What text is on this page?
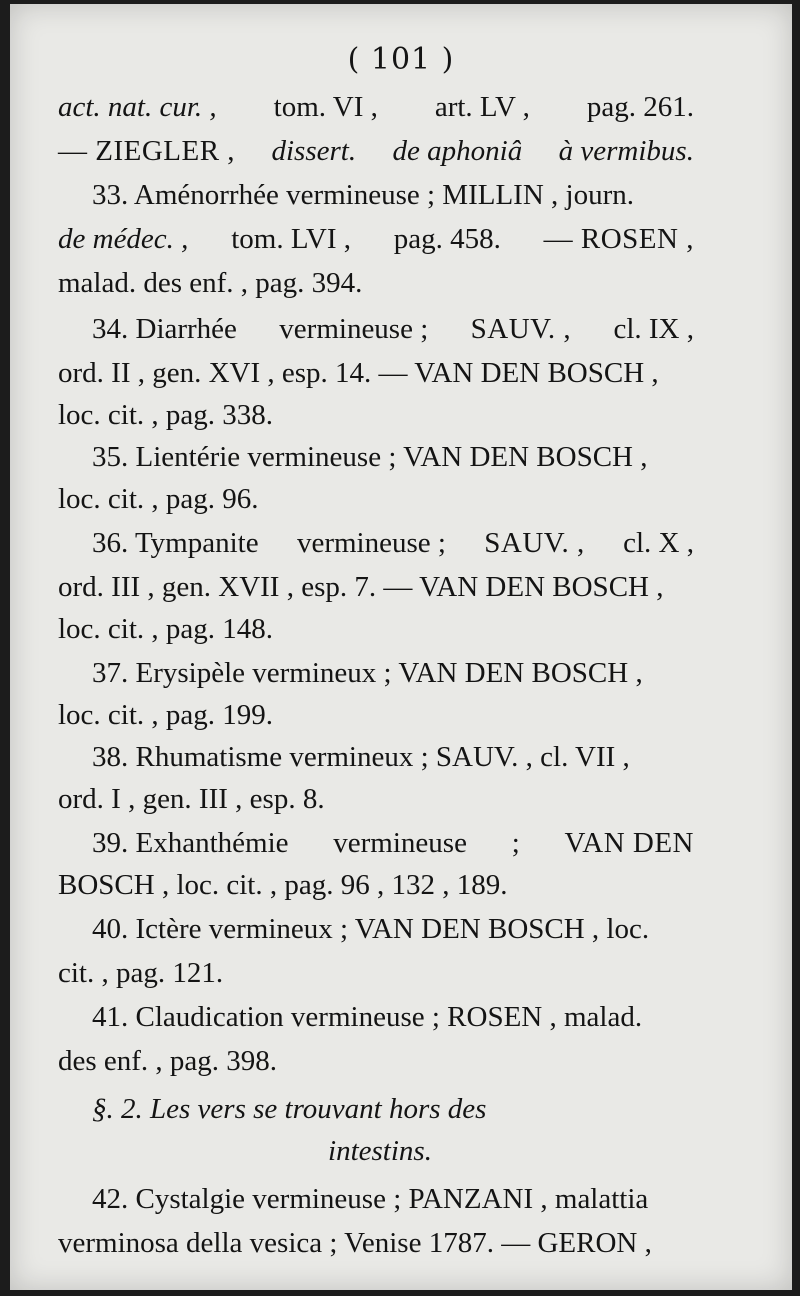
( 101 )
act. nat. cur. , tom. VI , art. LV , pag. 261.
— ZIEGLER , dissert. de aphoniâ à vermibus.
33. Aménorrhée vermineuse ; MILLIN , journ.
de médec. , tom. LVI , pag. 458. — ROSEN ,
malad. des enf. , pag. 394.
34. Diarrhée vermineuse ; SAUV. , cl. IX ,
ord. II , gen. XVI , esp. 14. — VAN DEN BOSCH ,
loc. cit. , pag. 338.
35. Lientérie vermineuse ; VAN DEN BOSCH ,
loc. cit. , pag. 96.
36. Tympanite vermineuse ; SAUV. , cl. X ,
ord. III , gen. XVII , esp. 7. — VAN DEN BOSCH ,
loc. cit. , pag. 148.
37. Erysipèle vermineux ; VAN DEN BOSCH ,
loc. cit. , pag. 199.
38. Rhumatisme vermineux ; SAUV. , cl. VII ,
ord. I , gen. III , esp. 8.
39. Exhanthémie vermineuse ; VAN DEN
BOSCH , loc. cit. , pag. 96 , 132 , 189.
40. Ictère vermineux ; VAN DEN BOSCH , loc.
cit. , pag. 121.
41. Claudication vermineuse ; ROSEN , malad.
des enf. , pag. 398.
§. 2. Les vers se trouvant hors des
intestins.
42. Cystalgie vermineuse ; PANZANI , malattia
verminosa della vesica ; Venise 1787. — GERON ,
